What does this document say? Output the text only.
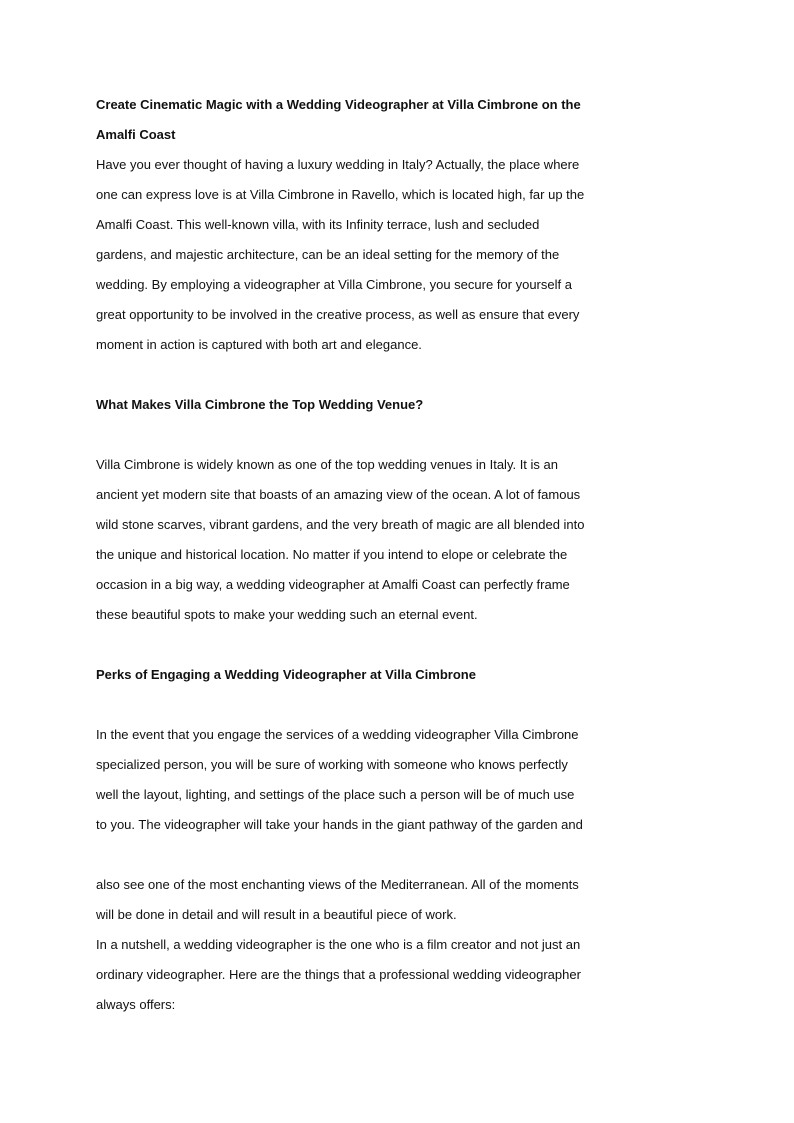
Create Cinematic Magic with a Wedding Videographer at Villa Cimbrone on the
Amalfi Coast

Have you ever thought of having a luxury wedding in Italy? Actually, the place where
one can express love is at Villa Cimbrone in Ravello, which is located high, far up the
Amalfi Coast. This well-known villa, with its Infinity terrace, lush and secluded
gardens, and majestic architecture, can be an ideal setting for the memory of the
wedding. By employing a videographer at Villa Cimbrone, you secure for yourself a
great opportunity to be involved in the creative process, as well as ensure that every
moment in action is captured with both art and elegance.

What Makes Villa Cimbrone the Top Wedding Venue?

Villa Cimbrone is widely known as one of the top wedding venues in Italy. It is an
ancient yet modern site that boasts of an amazing view of the ocean. A lot of famous
wild stone scarves, vibrant gardens, and the very breath of magic are all blended into
the unique and historical location. No matter if you intend to elope or celebrate the
occasion in a big way, a wedding videographer at Amalfi Coast can perfectly frame
these beautiful spots to make your wedding such an eternal event.

Perks of Engaging a Wedding Videographer at Villa Cimbrone

In the event that you engage the services of a wedding videographer Villa Cimbrone
specialized person, you will be sure of working with someone who knows perfectly
well the layout, lighting, and settings of the place such a person will be of much use
to you. The videographer will take your hands in the giant pathway of the garden and

also see one of the most enchanting views of the Mediterranean. All of the moments
will be done in detail and will result in a beautiful piece of work.

In a nutshell, a wedding videographer is the one who is a film creator and not just an
ordinary videographer. Here are the things that a professional wedding videographer
always offers:
